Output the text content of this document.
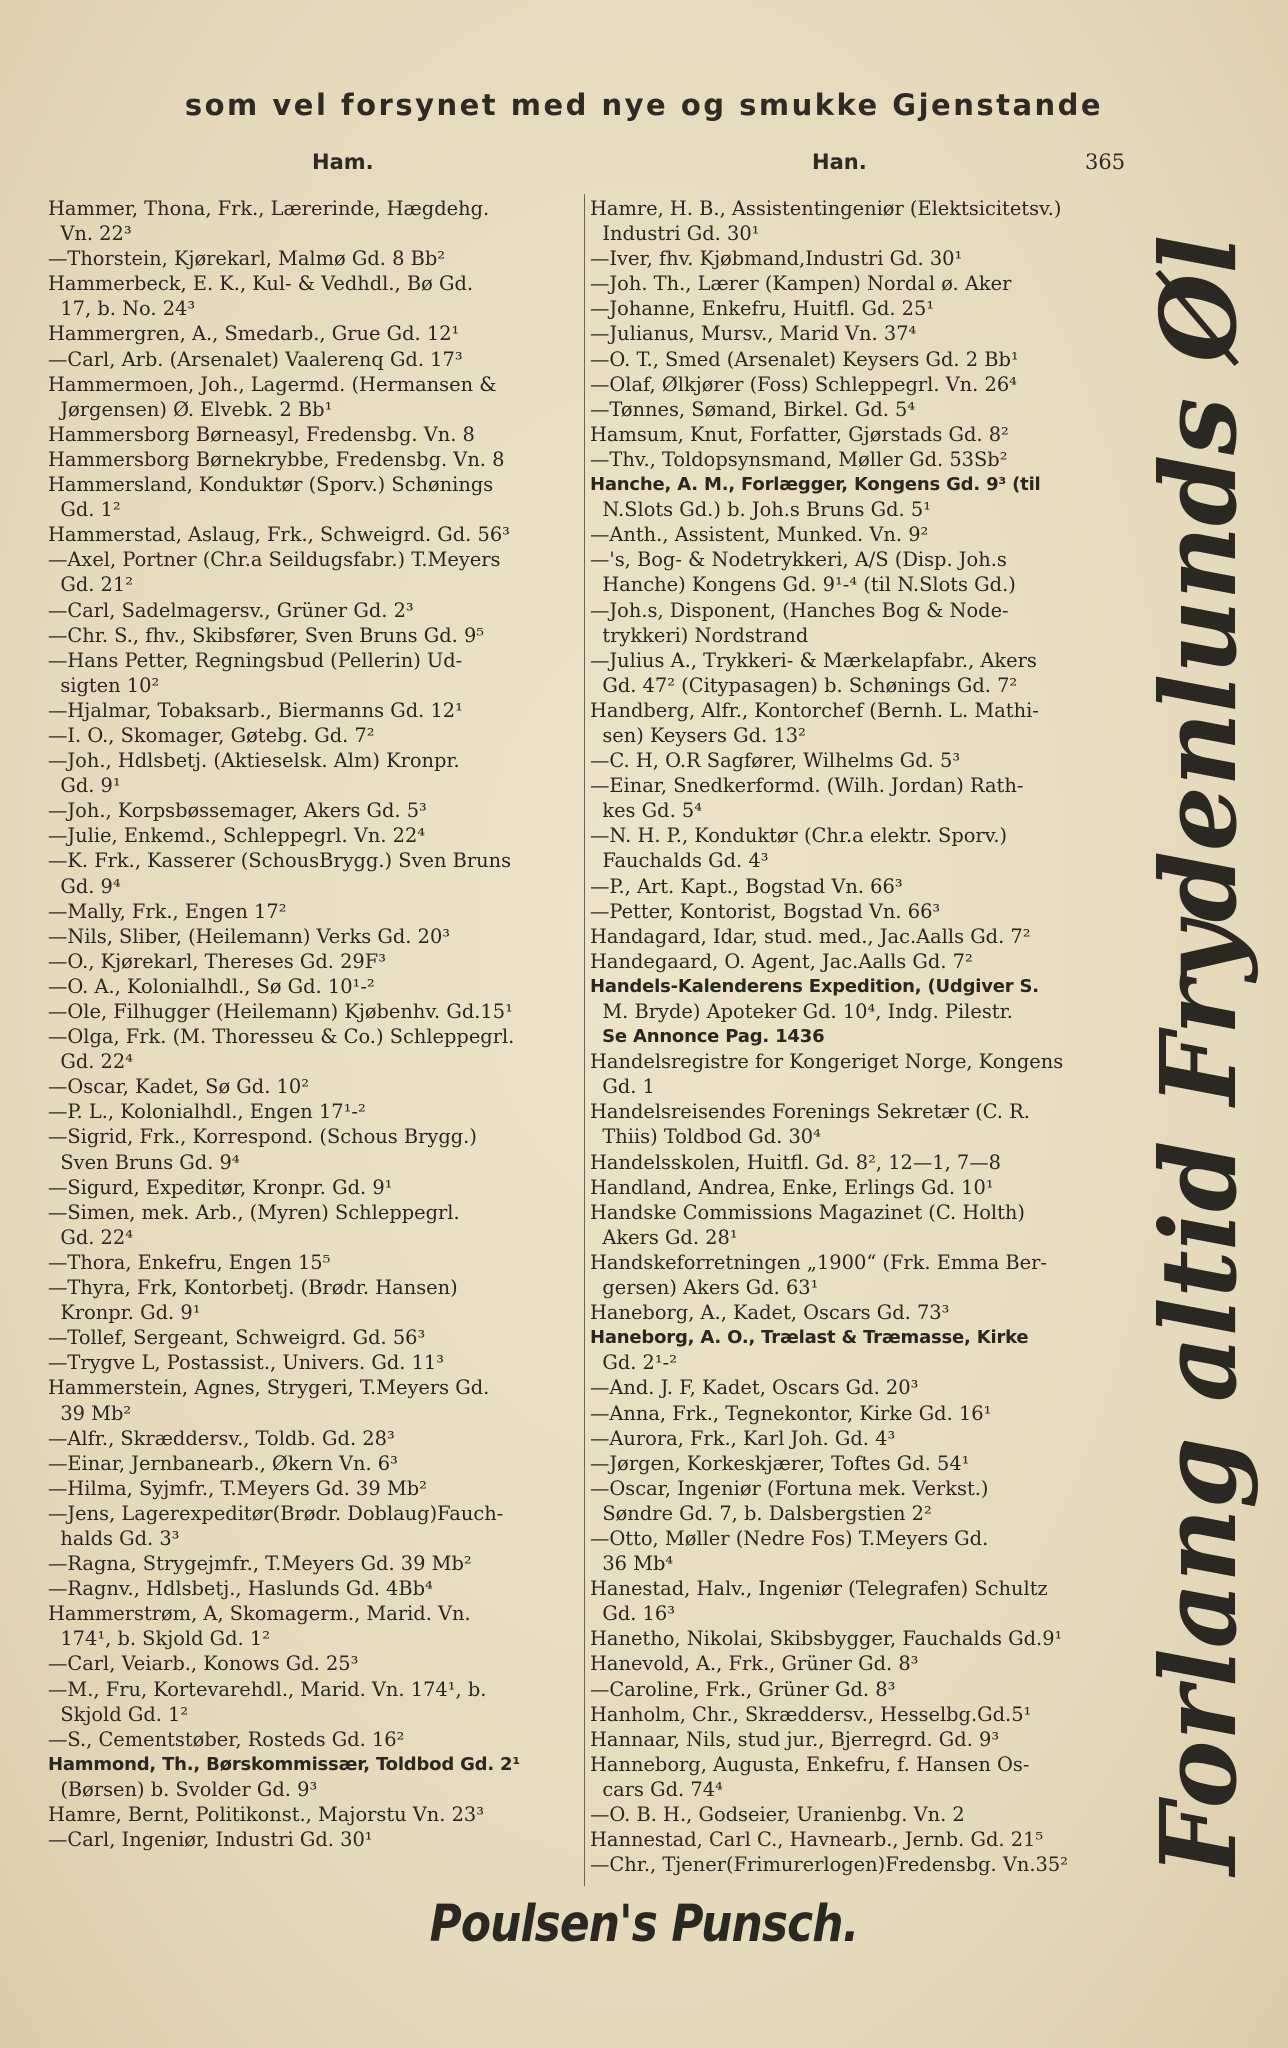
som vel forsynet med nye og smukke Gjenstande
Ham.	Han.	365
Hammer, Thona, Frk., Lærerinde, Hægdehg.
Vn. 22³
—Thorstein, Kjørekarl, Malmø Gd. 8 Bb²
Hammerbeck, E. K., Kul- & Vedhdl., Bø Gd.
17, b. No. 24³
Hammergren, A., Smedarb., Grue Gd. 12¹
—Carl, Arb. (Arsenalet) Vaalerenq Gd. 17³
Hammermoen, Joh., Lagermd. (Hermansen &
Jørgensen) Ø. Elvebk. 2 Bb¹
Hammersborg Børneasyl, Fredensbg. Vn. 8
Hammersborg Børnekrybbe, Fredensbg. Vn. 8
Hammersland, Konduktør (Sporv.) Schønings
Gd. 1²
Hammerstad, Aslaug, Frk., Schweigrd. Gd. 56³
—Axel, Portner (Chr.a Seildugsfabr.) T.Meyers
Gd. 21²
—Carl, Sadelmagersv., Grüner Gd. 2³
—Chr. S., fhv., Skibsfører, Sven Bruns Gd. 9⁵
—Hans Petter, Regningsbud (Pellerin) Ud-
sigten 10²
—Hjalmar, Tobaksarb., Biermanns Gd. 12¹
—I. O., Skomager, Gøtebg. Gd. 7²
—Joh., Hdlsbetj. (Aktieselsk. Alm) Kronpr.
Gd. 9¹
—Joh., Korpsbøssemager, Akers Gd. 5³
—Julie, Enkemd., Schleppegrl. Vn. 22⁴
—K. Frk., Kasserer (SchousBrygg.) Sven Bruns
Gd. 9⁴
—Mally, Frk., Engen 17²
—Nils, Sliber, (Heilemann) Verks Gd. 20³
—O., Kjørekarl, Thereses Gd. 29F³
—O. A., Kolonialhdl., Sø Gd. 10¹-²
—Ole, Filhugger (Heilemann) Kjøbenhv. Gd.15¹
—Olga, Frk. (M. Thoresseu & Co.) Schleppegrl.
Gd. 22⁴
—Oscar, Kadet, Sø Gd. 10²
—P. L., Kolonialhdl., Engen 17¹-²
—Sigrid, Frk., Korrespond. (Schous Brygg.)
Sven Bruns Gd. 9⁴
—Sigurd, Expeditør, Kronpr. Gd. 9¹
—Simen, mek. Arb., (Myren) Schleppegrl.
Gd. 22⁴
—Thora, Enkefru, Engen 15⁵
—Thyra, Frk, Kontorbetj. (Brødr. Hansen)
Kronpr. Gd. 9¹
—Tollef, Sergeant, Schweigrd. Gd. 56³
—Trygve L, Postassist., Univers. Gd. 11³
Hammerstein, Agnes, Strygeri, T.Meyers Gd.
39 Mb²
—Alfr., Skræddersv., Toldb. Gd. 28³
—Einar, Jernbanearb., Økern Vn. 6³
—Hilma, Syjmfr., T.Meyers Gd. 39 Mb²
—Jens, Lagerexpeditør(Brødr. Doblaug)Fauch-
halds Gd. 3³
—Ragna, Strygejmfr., T.Meyers Gd. 39 Mb²
—Ragnv., Hdlsbetj., Haslunds Gd. 4Bb⁴
Hammerstrøm, A, Skomagerm., Marid. Vn.
174¹, b. Skjold Gd. 1²
—Carl, Veiarb., Konows Gd. 25³
—M., Fru, Kortevarehdl., Marid. Vn. 174¹, b.
Skjold Gd. 1²
—S., Cementstøber, Rosteds Gd. 16²
Hammond, Th., Børskommissær, Toldbod Gd. 2¹
(Børsen) b. Svolder Gd. 9³
Hamre, Bernt, Politikonst., Majorstu Vn. 23³
—Carl, Ingeniør, Industri Gd. 30¹
Hamre, H. B., Assistentingeniør (Elektsicitetsv.)
Industri Gd. 30¹
—Iver, fhv. Kjøbmand,Industri Gd. 30¹
—Joh. Th., Lærer (Kampen) Nordal ø. Aker
—Johanne, Enkefru, Huitfl. Gd. 25¹
—Julianus, Mursv., Marid Vn. 37⁴
—O. T., Smed (Arsenalet) Keysers Gd. 2 Bb¹
—Olaf, Ølkjører (Foss) Schleppegrl. Vn. 26⁴
—Tønnes, Sømand, Birkel. Gd. 5⁴
Hamsum, Knut, Forfatter, Gjørstads Gd. 8²
—Thv., Toldopsynsmand, Møller Gd. 53Sb²
Hanche, A. M., Forlægger, Kongens Gd. 9³ (til
N.Slots Gd.) b. Joh.s Bruns Gd. 5¹
—Anth., Assistent, Munked. Vn. 9²
—'s, Bog- & Nodetrykkeri, A/S (Disp. Joh.s
Hanche) Kongens Gd. 9¹-⁴ (til N.Slots Gd.)
—Joh.s, Disponent, (Hanches Bog & Node-
trykkeri) Nordstrand
—Julius A., Trykkeri- & Mærkelapfabr., Akers
Gd. 47² (Citypasagen) b. Schønings Gd. 7²
Handberg, Alfr., Kontorchef (Bernh. L. Mathi-
sen) Keysers Gd. 13²
—C. H, O.R Sagfører, Wilhelms Gd. 5³
—Einar, Snedkerformd. (Wilh. Jordan) Rath-
kes Gd. 5⁴
—N. H. P., Konduktør (Chr.a elektr. Sporv.)
Fauchalds Gd. 4³
—P., Art. Kapt., Bogstad Vn. 66³
—Petter, Kontorist, Bogstad Vn. 66³
Handagard, Idar, stud. med., Jac.Aalls Gd. 7²
Handegaard, O. Agent, Jac.Aalls Gd. 7²
Handels-Kalenderens Expedition, (Udgiver S.
M. Bryde) Apoteker Gd. 10⁴, Indg. Pilestr.
Se Annonce Pag. 1436
Handelsregistre for Kongeriget Norge, Kongens
Gd. 1
Handelsreisendes Forenings Sekretær (C. R.
Thiis) Toldbod Gd. 30⁴
Handelsskolen, Huitfl. Gd. 8², 12—1, 7—8
Handland, Andrea, Enke, Erlings Gd. 10¹
Handske Commissions Magazinet (C. Holth)
Akers Gd. 28¹
Handskeforretningen „1900“ (Frk. Emma Ber-
gersen) Akers Gd. 63¹
Haneborg, A., Kadet, Oscars Gd. 73³
Haneborg, A. O., Trælast & Træmasse, Kirke
Gd. 2¹-²
—And. J. F, Kadet, Oscars Gd. 20³
—Anna, Frk., Tegnekontor, Kirke Gd. 16¹
—Aurora, Frk., Karl Joh. Gd. 4³
—Jørgen, Korkeskjærer, Toftes Gd. 54¹
—Oscar, Ingeniør (Fortuna mek. Verkst.)
Søndre Gd. 7, b. Dalsbergstien 2²
—Otto, Møller (Nedre Fos) T.Meyers Gd.
36 Mb⁴
Hanestad, Halv., Ingeniør (Telegrafen) Schultz
Gd. 16³
Hanetho, Nikolai, Skibsbygger, Fauchalds Gd.9¹
Hanevold, A., Frk., Grüner Gd. 8³
—Caroline, Frk., Grüner Gd. 8³
Hanholm, Chr., Skræddersv., Hesselbg.Gd.5¹
Hannaar, Nils, stud jur., Bjerregrd. Gd. 9³
Hanneborg, Augusta, Enkefru, f. Hansen Os-
cars Gd. 74⁴
—O. B. H., Godseier, Uranienbg. Vn. 2
Hannestad, Carl C., Havnearb., Jernb. Gd. 21⁵
—Chr., Tjener(Frimurerlogen)Fredensbg. Vn.35² Forlang altid Frydenlunds Øl
Poulsen's Punsch.
